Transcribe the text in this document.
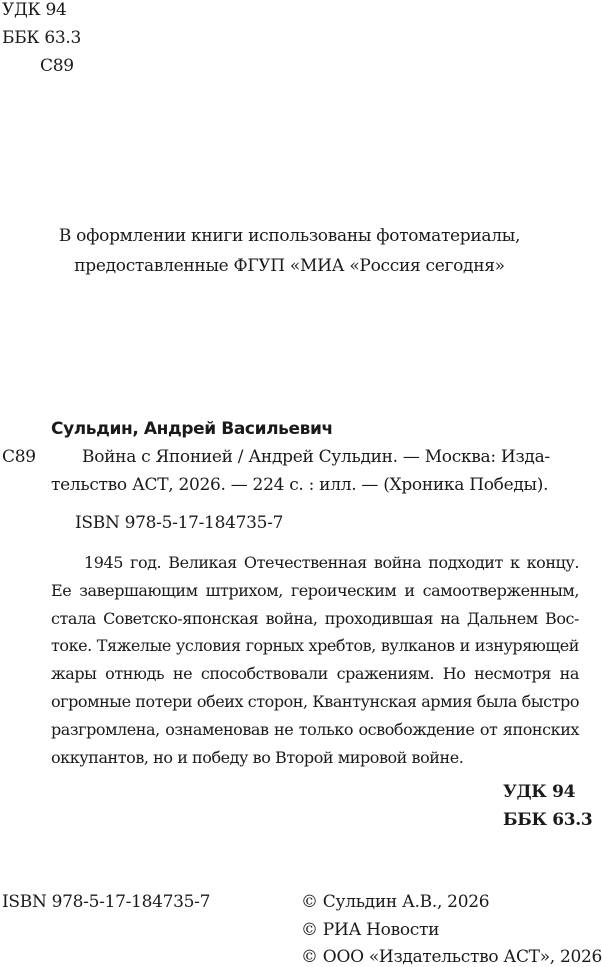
УДК 94
ББК 63.3
С89
В оформлении книги использованы фотоматериалы,
предоставленные ФГУП «МИА «Россия сегодня»
Сульдин, Андрей Васильевич
С89	Война с Японией / Андрей Сульдин. — Москва: Изда-
тельство АСТ, 2026. — 224 с. : илл. — (Хроника Победы).
ISBN 978-5-17-184735-7
1945 год. Великая Отечественная война подходит к концу.
Ее завершающим штрихом, героическим и самоотверженным,
стала Советско-японская война, проходившая на Дальнем Вос-
токе. Тяжелые условия горных хребтов, вулканов и изнуряющей
жары отнюдь не способствовали сражениям. Но несмотря на
огромные потери обеих сторон, Квантунская армия была быстро
разгромлена, ознаменовав не только освобождение от японских
оккупантов, но и победу во Второй мировой войне.
УДК 94
ББК 63.3
ISBN 978-5-17-184735-7	© Сульдин А.В., 2026
© РИА Новости
© ООО «Издательство АСТ», 2026
